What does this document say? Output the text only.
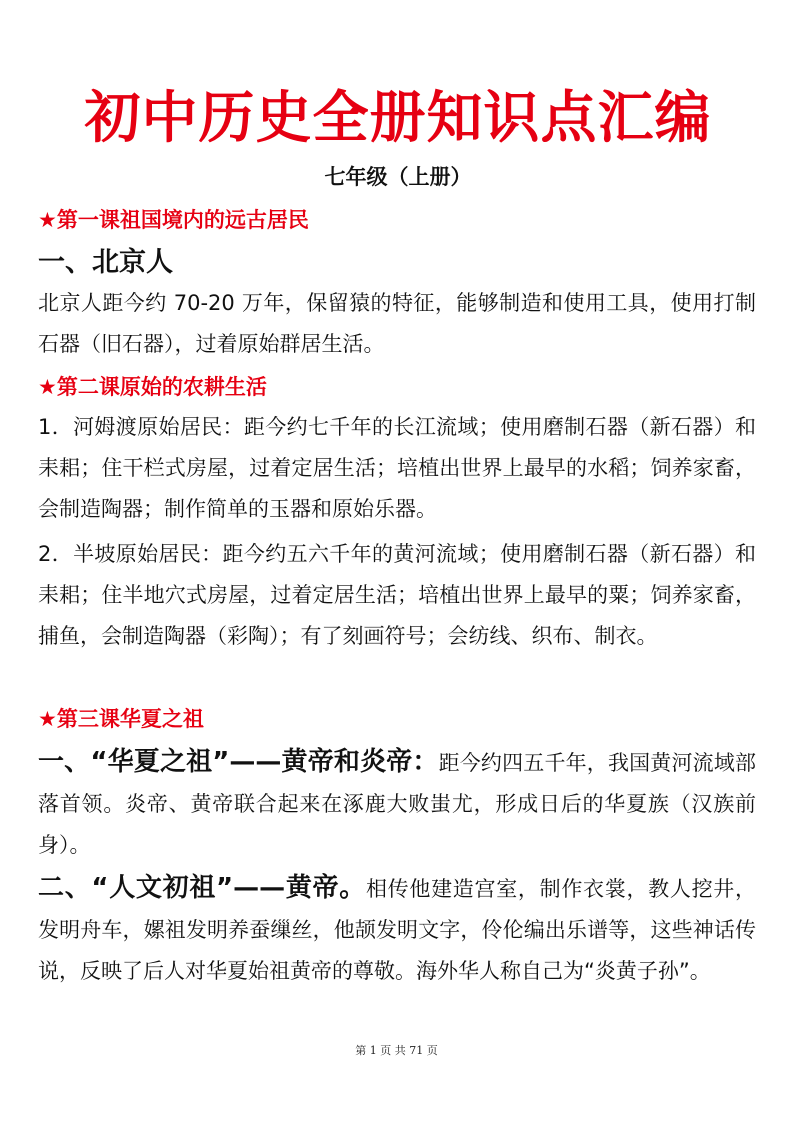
初中历史全册知识点汇编
七年级（上册）
★第一课祖国境内的远古居民
一、北京人
北京人距今约 70-20 万年，保留猿的特征，能够制造和使用工具，使用打制石器（旧石器），过着原始群居生活。
★第二课原始的农耕生活
1．河姆渡原始居民：距今约七千年的长江流域；使用磨制石器（新石器）和耒耜；住干栏式房屋，过着定居生活；培植出世界上最早的水稻；饲养家畜，会制造陶器；制作简单的玉器和原始乐器。
2．半坡原始居民：距今约五六千年的黄河流域；使用磨制石器（新石器）和耒耜；住半地穴式房屋，过着定居生活；培植出世界上最早的粟；饲养家畜，捕鱼，会制造陶器（彩陶）；有了刻画符号；会纺线、织布、制衣。
★第三课华夏之祖
一、“华夏之祖”——黄帝和炎帝：距今约四五千年，我国黄河流域部落首领。炎帝、黄帝联合起来在涿鹿大败蚩尤，形成日后的华夏族（汉族前身）。
二、“人文初祖”——黄帝。相传他建造宫室，制作衣裳，教人挖井，发明舟车，嫘祖发明养蚕缫丝，他颉发明文字，伶伦编出乐谱等，这些神话传说，反映了后人对华夏始祖黄帝的尊敬。海外华人称自己为“炎黄子孙”。
第 1 页 共 71 页
